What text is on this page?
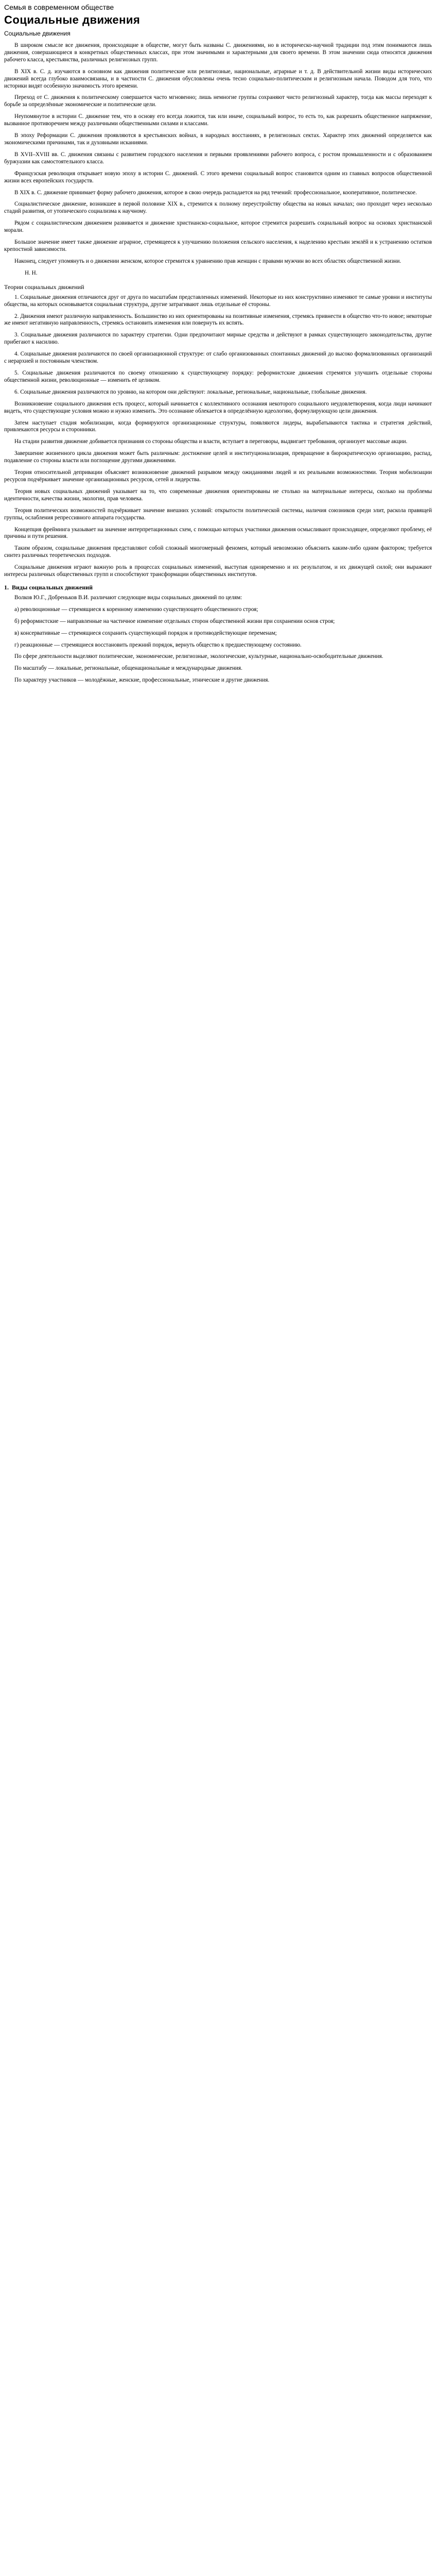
Семья в современном обществе
Социальные движения
Социальные движения

В широком смысле все движения, происходящие в обществе, могут быть названы С. движениями, но в историческо-научной традиции под этим понимаются лишь движения, совершающиеся в конкретных общественных классах, при этом значимыми и характерными для своего времени. В этом значении сюда относятся движения рабочего класса, крестьянства, различных религиозных групп.

В XIX в. С. д. изучаются в основном как движения политические или религиозные, национальные, аграрные и т. д. В действительной жизни виды исторических движений всегда глубоко взаимосвязаны, и в частности С. движения обусловлены очень тесно социально-политическим и религиозным начала. Поводом для того, что историки видят особенную значимость этого времени.

Переход от С. движения к политическому совершается часто мгновенно; лишь немногие группы сохраняют чисто религиозный характер, тогда как массы переходят к борьбе за определённые экономические и политические цели.

Неупомянутое в истории С. движение тем, что в основу его всегда ложится, так или иначе, социальный вопрос, то есть то, как разрешить общественное напряжение, вызванное противоречием между различными общественными силами и классами.

В эпоху Реформации С. движения проявляются в крестьянских войнах, в народных восстаниях, в религиозных сектах. Характер этих движений определяется как экономическими причинами, так и духовными исканиями.

В XVII–XVIII вв. С. движения связаны с развитием городского населения и первыми проявлениями рабочего вопроса, с ростом промышленности и с образованием буржуазии как самостоятельного класса.

Французская революция открывает новую эпоху в истории С. движений. С этого времени социальный вопрос становится одним из главных вопросов общественной жизни всех европейских государств.

В XIX в. С. движение принимает форму рабочего движения, которое в свою очередь распадается на ряд течений: профессиональное, кооперативное, политическое.

Социалистическое движение, возникшее в первой половине XIX в., стремится к полному переустройству общества на новых началах; оно проходит через несколько стадий развития, от утопического социализма к научному.

Рядом с социалистическим движением развивается и движение христианско-социальное, которое стремится разрешить социальный вопрос на основах христианской морали.

Большое значение имеет также движение аграрное, стремящееся к улучшению положения сельского населения, к наделению крестьян землёй и к устранению остатков крепостной зависимости.

Наконец, следует упомянуть и о движении женском, которое стремится к уравнению прав женщин с правами мужчин во всех областях общественной жизни.

Н. Н.
Теории социальных движений

1. Социальные движения отличаются друг от друга по масштабам представленных изменений. Некоторые из них конструктивно изменяют те самые уровни и институты общества, на которых основывается социальная структура, другие затрагивают лишь отдельные её стороны.

2. Движения имеют различную направленность. Большинство из них ориентированы на позитивные изменения, стремясь привнести в общество что-то новое; некоторые же имеют негативную направленность, стремясь остановить изменения или повернуть их вспять.

3. Социальные движения различаются по характеру стратегии. Одни предпочитают мирные средства и действуют в рамках существующего законодательства, другие прибегают к насилию.

4. Социальные движения различаются по своей организационной структуре: от слабо организованных спонтанных движений до высоко формализованных организаций с иерархией и постоянным членством.

5. Социальные движения различаются по своему отношению к существующему порядку: реформистские движения стремятся улучшить отдельные стороны общественной жизни, революционные — изменить её целиком.

6. Социальные движения различаются по уровню, на котором они действуют: локальные, региональные, национальные, глобальные движения.

Возникновение социального движения есть процесс, который начинается с коллективного осознания некоторого социального неудовлетворения, когда люди начинают видеть, что существующие условия можно и нужно изменить. Это осознание облекается в определённую идеологию, формулирующую цели движения.

Затем наступает стадия мобилизации, когда формируются организационные структуры, появляются лидеры, вырабатываются тактика и стратегия действий, привлекаются ресурсы и сторонники.

На стадии развития движение добивается признания со стороны общества и власти, вступает в переговоры, выдвигает требования, организует массовые акции.

Завершение жизненного цикла движения может быть различным: достижение целей и институционализация, превращение в бюрократическую организацию, распад, подавление со стороны власти или поглощение другими движениями.

Теория относительной депривации объясняет возникновение движений разрывом между ожиданиями людей и их реальными возможностями. Теория мобилизации ресурсов подчёркивает значение организационных ресурсов, сетей и лидерства.

Теория новых социальных движений указывает на то, что современные движения ориентированы не столько на материальные интересы, сколько на проблемы идентичности, качества жизни, экологии, прав человека.

Теория политических возможностей подчёркивает значение внешних условий: открытости политической системы, наличия союзников среди элит, раскола правящей группы, ослабления репрессивного аппарата государства.

Концепция фрейминга указывает на значение интерпретационных схем, с помощью которых участники движения осмысливают происходящее, определяют проблему, её причины и пути решения.

Таким образом, социальные движения представляют собой сложный многомерный феномен, который невозможно объяснить каким-либо одним фактором; требуется синтез различных теоретических подходов.

Социальные движения играют важную роль в процессах социальных изменений, выступая одновременно и их результатом, и их движущей силой; они выражают интересы различных общественных групп и способствуют трансформации общественных институтов.

1. Виды социальных движений

Волков Ю.Г., Добреньков В.И. различают следующие виды социальных движений по целям:

а) революционные — стремящиеся к коренному изменению существующего общественного строя;

б) реформистские — направленные на частичное изменение отдельных сторон общественной жизни при сохранении основ строя;

в) консервативные — стремящиеся сохранить существующий порядок и противодействующие переменам;

г) реакционные — стремящиеся восстановить прежний порядок, вернуть общество к предшествующему состоянию.

По сфере деятельности выделяют политические, экономические, религиозные, экологические, культурные, национально-освободительные движения.

По масштабу — локальные, региональные, общенациональные и международные движения.

По характеру участников — молодёжные, женские, профессиональные, этнические и другие движения.
